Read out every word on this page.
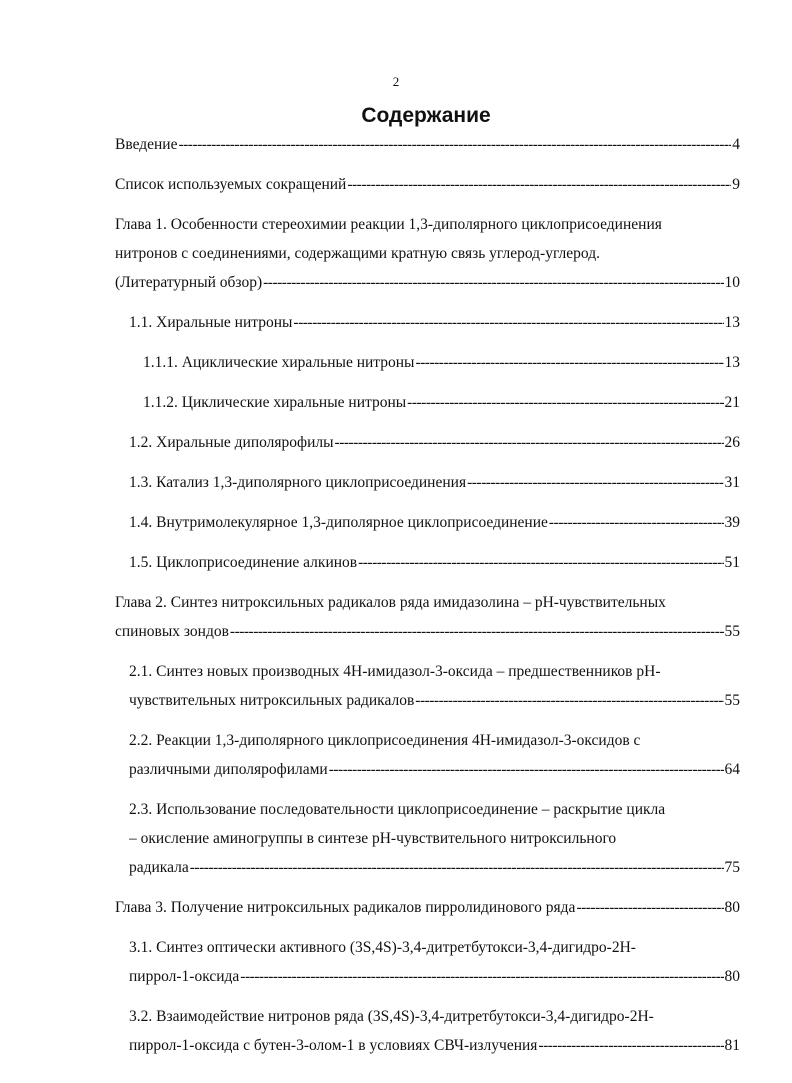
2
Содержание
Введение -----	4
Список используемых сокращений -----	9
Глава 1. Особенности стереохимии реакции 1,3-диполярного циклоприсоединения
нитронов с соединениями, содержащими кратную связь углерод-углерод.
(Литературный обзор) -----	10
1.1. Хиральные нитроны -----	13
1.1.1. Ациклические хиральные нитроны -----	13
1.1.2. Циклические хиральные нитроны -----	21
1.2. Хиральные диполярофилы -----	26
1.3. Катализ 1,3-диполярного циклоприсоединения -----	31
1.4. Внутримолекулярное 1,3-диполярное циклоприсоединение -----	39
1.5. Циклоприсоединение алкинов -----	51
Глава 2. Синтез нитроксильных радикалов ряда имидазолина – рН-чувствительных
спиновых зондов -----	55
2.1. Синтез новых производных 4Н-имидазол-3-оксида – предшественников рН-
чувствительных нитроксильных радикалов -----	55
2.2. Реакции 1,3-диполярного циклоприсоединения 4Н-имидазол-3-оксидов с
различными диполярофилами -----	64
2.3. Использование последовательности циклоприсоединение – раскрытие цикла
– окисление аминогруппы в синтезе рН-чувствительного нитроксильного
радикала -----	75
Глава 3. Получение нитроксильных радикалов пирролидинового ряда -----	80
3.1. Синтез оптически активного (3S,4S)-3,4-дитретбутокси-3,4-дигидро-2Н-
пиррол-1-оксида -----	80
3.2. Взаимодействие нитронов ряда (3S,4S)-3,4-дитретбутокси-3,4-дигидро-2Н-
пиррол-1-оксида с бутен-3-олом-1 в условиях СВЧ-излучения -----	81
